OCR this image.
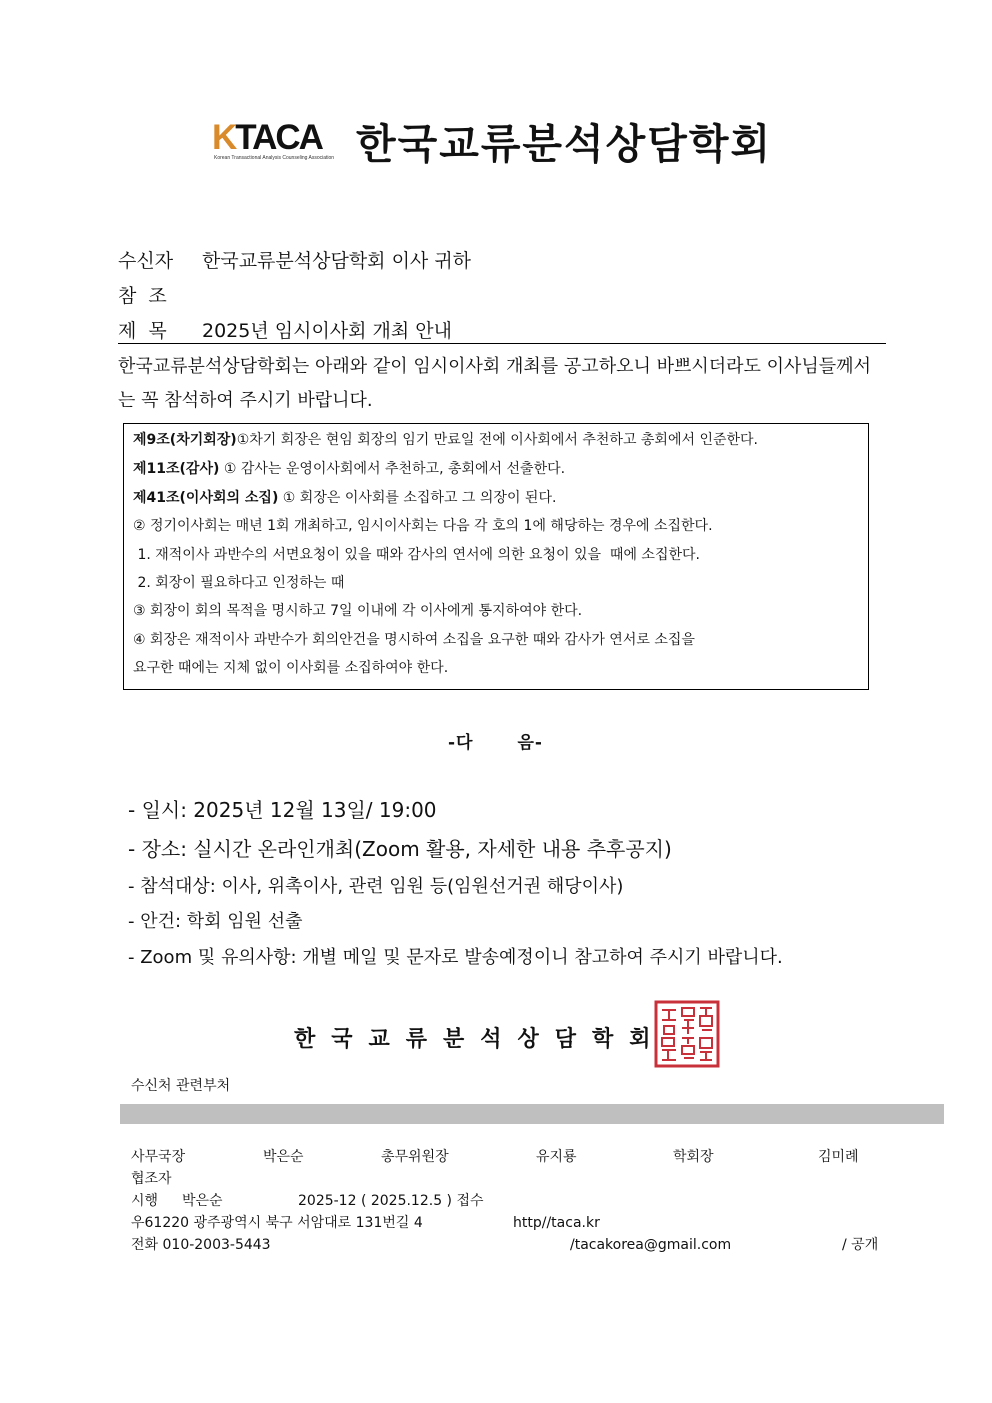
KTACA
Korean Transactional Analysis Counseling Association 한국교류분석상담학회
수신자 한국교류분석상담학회 이사 귀하
참  조
제  목 2025년 임시이사회 개최 안내
한국교류분석상담학회는 아래와 같이 임시이사회 개최를 공고하오니 바쁘시더라도 이사님들께서는 꼭 참석하여 주시기 바랍니다.
제9조(차기회장)①차기 회장은 현임 회장의 임기 만료일 전에 이사회에서 추천하고 총회에서 인준한다.
제11조(감사) ① 감사는 운영이사회에서 추천하고, 총회에서 선출한다.
제41조(이사회의 소집) ① 회장은 이사회를 소집하고 그 의장이 된다.
② 정기이사회는 매년 1회 개최하고, 임시이사회는 다음 각 호의 1에 해당하는 경우에 소집한다.
1. 재적이사 과반수의 서면요청이 있을 때와 감사의 연서에 의한 요청이 있을  때에 소집한다.
2. 회장이 필요하다고 인정하는 때
③ 회장이 회의 목적을 명시하고 7일 이내에 각 이사에게 통지하여야 한다.
④ 회장은 재적이사 과반수가 회의안건을 명시하여 소집을 요구한 때와 감사가 연서로 소집을
요구한 때에는 지체 없이 이사회를 소집하여야 한다.
-다	음-
- 일시: 2025년 12월 13일/ 19:00
- 장소: 실시간 온라인개최(Zoom 활용, 자세한 내용 추후공지)
- 참석대상: 이사, 위촉이사, 관련 임원 등(임원선거권 해당이사)
- 안건: 학회 임원 선출
- Zoom 및 유의사항: 개별 메일 및 문자로 발송예정이니 참고하여 주시기 바랍니다.
한국교류분석상담학회
수신처 관련부처
사무국장	박은순	총무위원장	유지룡	학회장	김미례
협조자
시행 박은순	2025-12 ( 2025.12.5 ) 접수
우61220 광주광역시 북구 서암대로 131번길 4	http//taca.kr
전화 010-2003-5443	/tacakorea@gmail.com	/ 공개
